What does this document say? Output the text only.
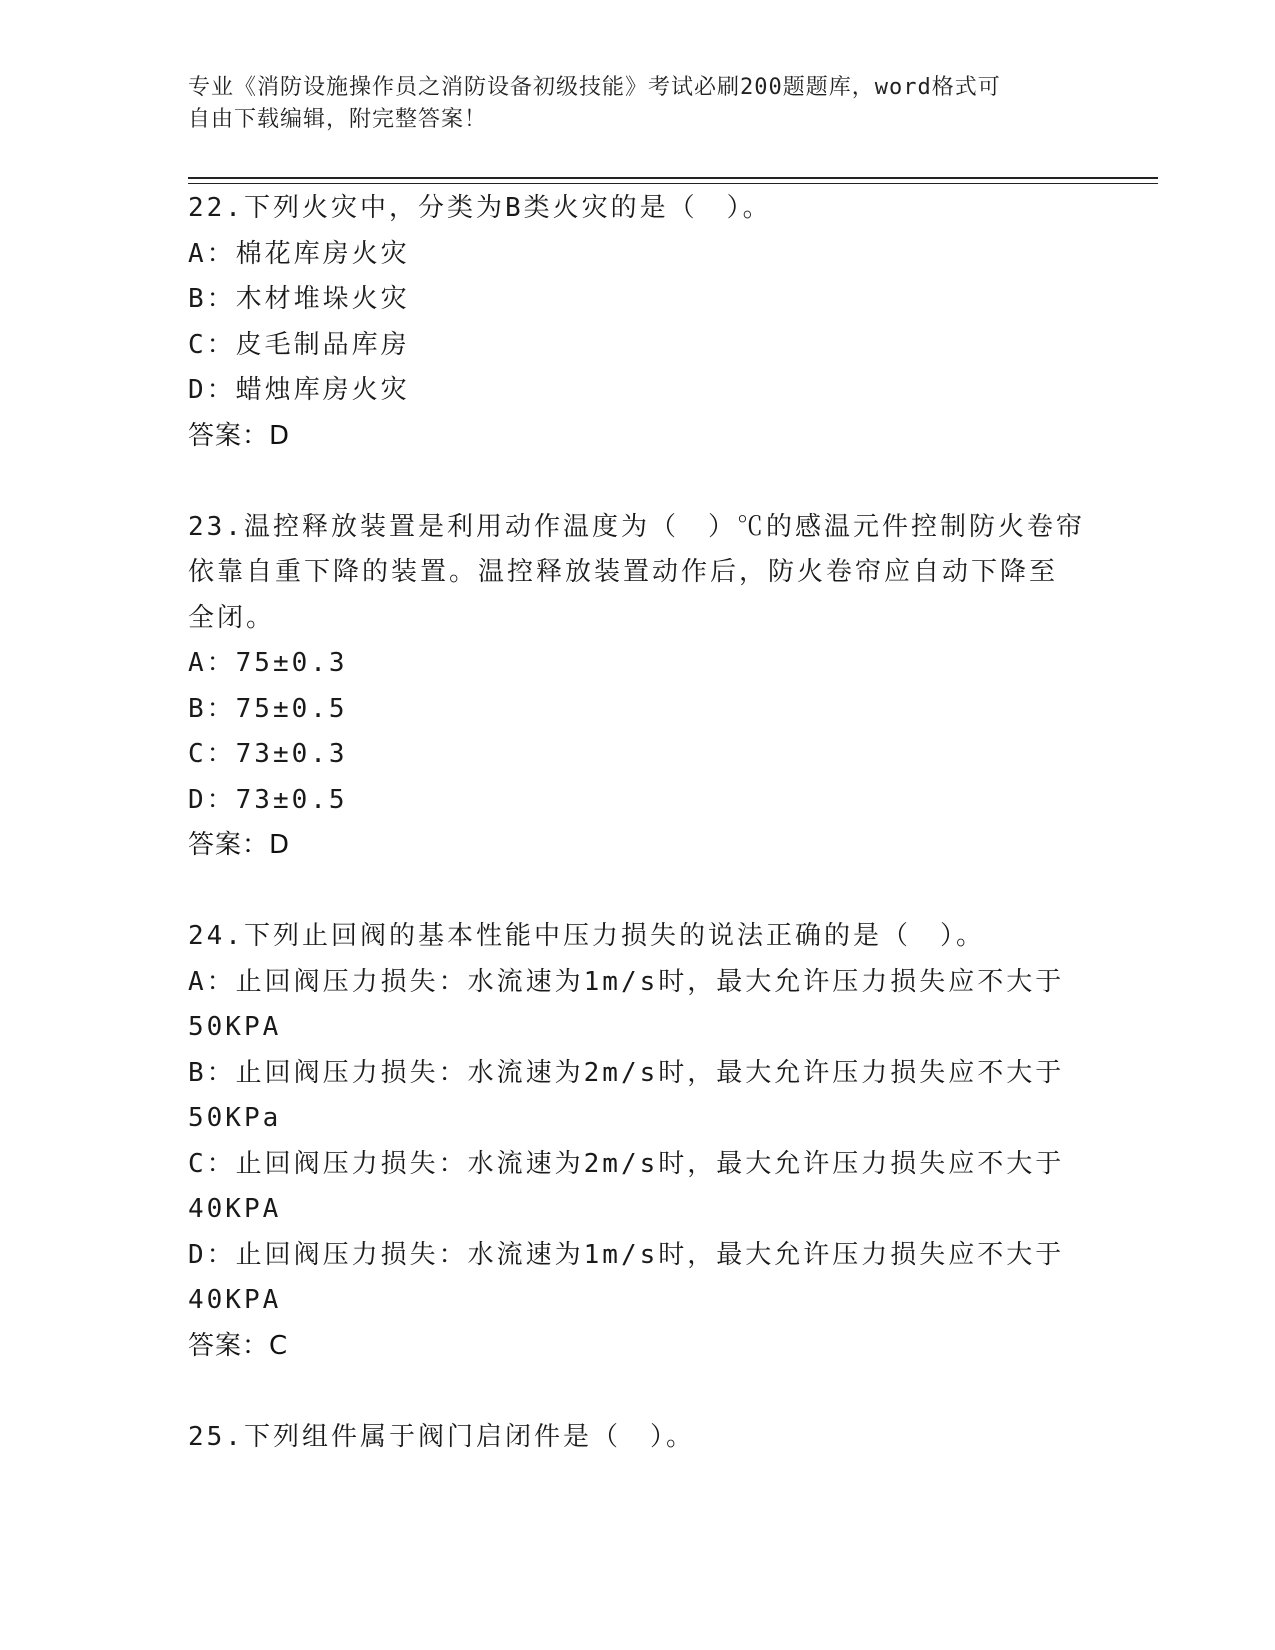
专业《消防设施操作员之消防设备初级技能》考试必刷200题题库，word格式可
自由下载编辑，附完整答案！
22.下列火灾中，分类为B类火灾的是（　）。
A：棉花库房火灾
B：木材堆垛火灾
C：皮毛制品库房
D：蜡烛库房火灾
答案：D
23.温控释放装置是利用动作温度为（　）℃的感温元件控制防火卷帘
依靠自重下降的装置。温控释放装置动作后，防火卷帘应自动下降至
全闭。
A：75±0.3
B：75±0.5
C：73±0.3
D：73±0.5
答案：D
24.下列止回阀的基本性能中压力损失的说法正确的是（　）。
A：止回阀压力损失：水流速为1m/s时，最大允许压力损失应不大于
50KPA
B：止回阀压力损失：水流速为2m/s时，最大允许压力损失应不大于
50KPa
C：止回阀压力损失：水流速为2m/s时，最大允许压力损失应不大于
40KPA
D：止回阀压力损失：水流速为1m/s时，最大允许压力损失应不大于
40KPA
答案：C
25.下列组件属于阀门启闭件是（　）。
